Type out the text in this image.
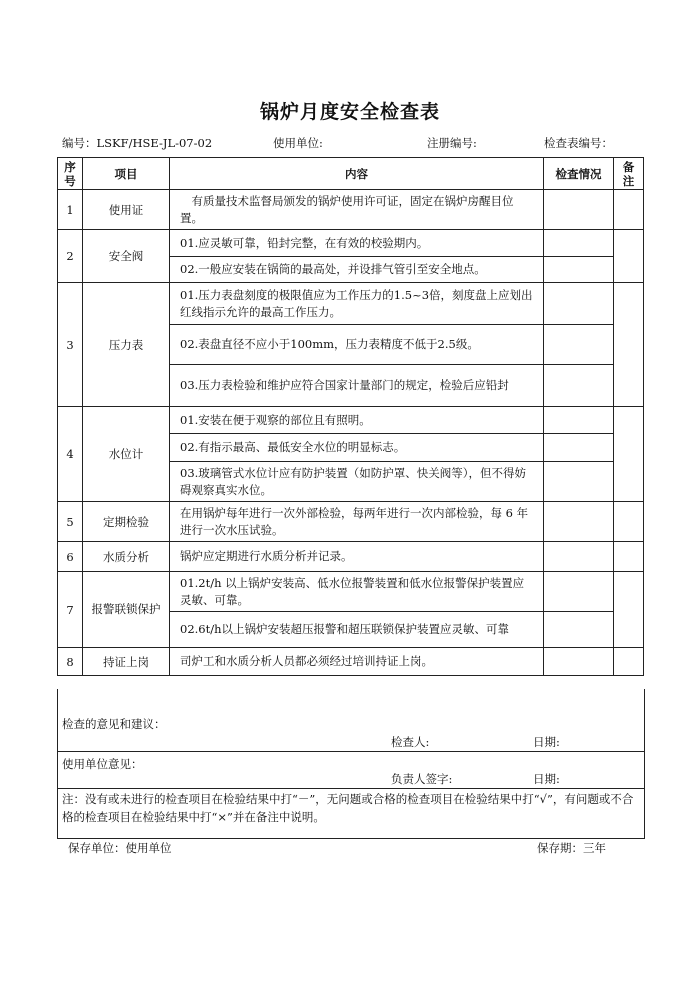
锅炉月度安全检查表
编号：LSKF/HSE-JL-07-02	使用单位:	注册编号:	检查表编号：
序号	项目	内容	检查情况	备注

1	使用证	有质量技术监督局颁发的锅炉使用许可证，固定在锅炉房醒目位置。		
2	安全阀	01.应灵敏可靠，铅封完整，在有效的校验期内。		
		02.一般应安装在锅筒的最高处，并设排气管引至安全地点。		
3	压力表	01.压力表盘刻度的极限值应为工作压力的1.5~3倍，刻度盘上应划出红线指示允许的最高工作压力。		
		02.表盘直径不应小于100mm，压力表精度不低于2.5级。		
		03.压力表检验和维护应符合国家计量部门的规定，检验后应铅封		
4	水位计	01.安装在便于观察的部位且有照明。		
		02.有指示最高、最低安全水位的明显标志。		
		03.玻璃管式水位计应有防护装置（如防护罩、快关阀等），但不得妨碍观察真实水位。		
5	定期检验	在用锅炉每年进行一次外部检验，每两年进行一次内部检验，每 6 年进行一次水压试验。		
6	水质分析	锅炉应定期进行水质分析并记录。		
7	报警联锁保护	01.2t/h 以上锅炉安装高、低水位报警装置和低水位报警保护装置应灵敏、可靠。		
		02.6t/h以上锅炉安装超压报警和超压联锁保护装置应灵敏、可靠		
8	持证上岗	司炉工和水质分析人员都必须经过培训持证上岗。		
检查的意见和建议：
检查人:	日期:
使用单位意见：
负责人签字:	日期:
注：没有或未进行的检查项目在检验结果中打“－”，无问题或合格的检查项目在检验结果中打“√”，有问题或不合格的检查项目在检验结果中打“×”并在备注中说明。
保存单位：使用单位	保存期：三年
